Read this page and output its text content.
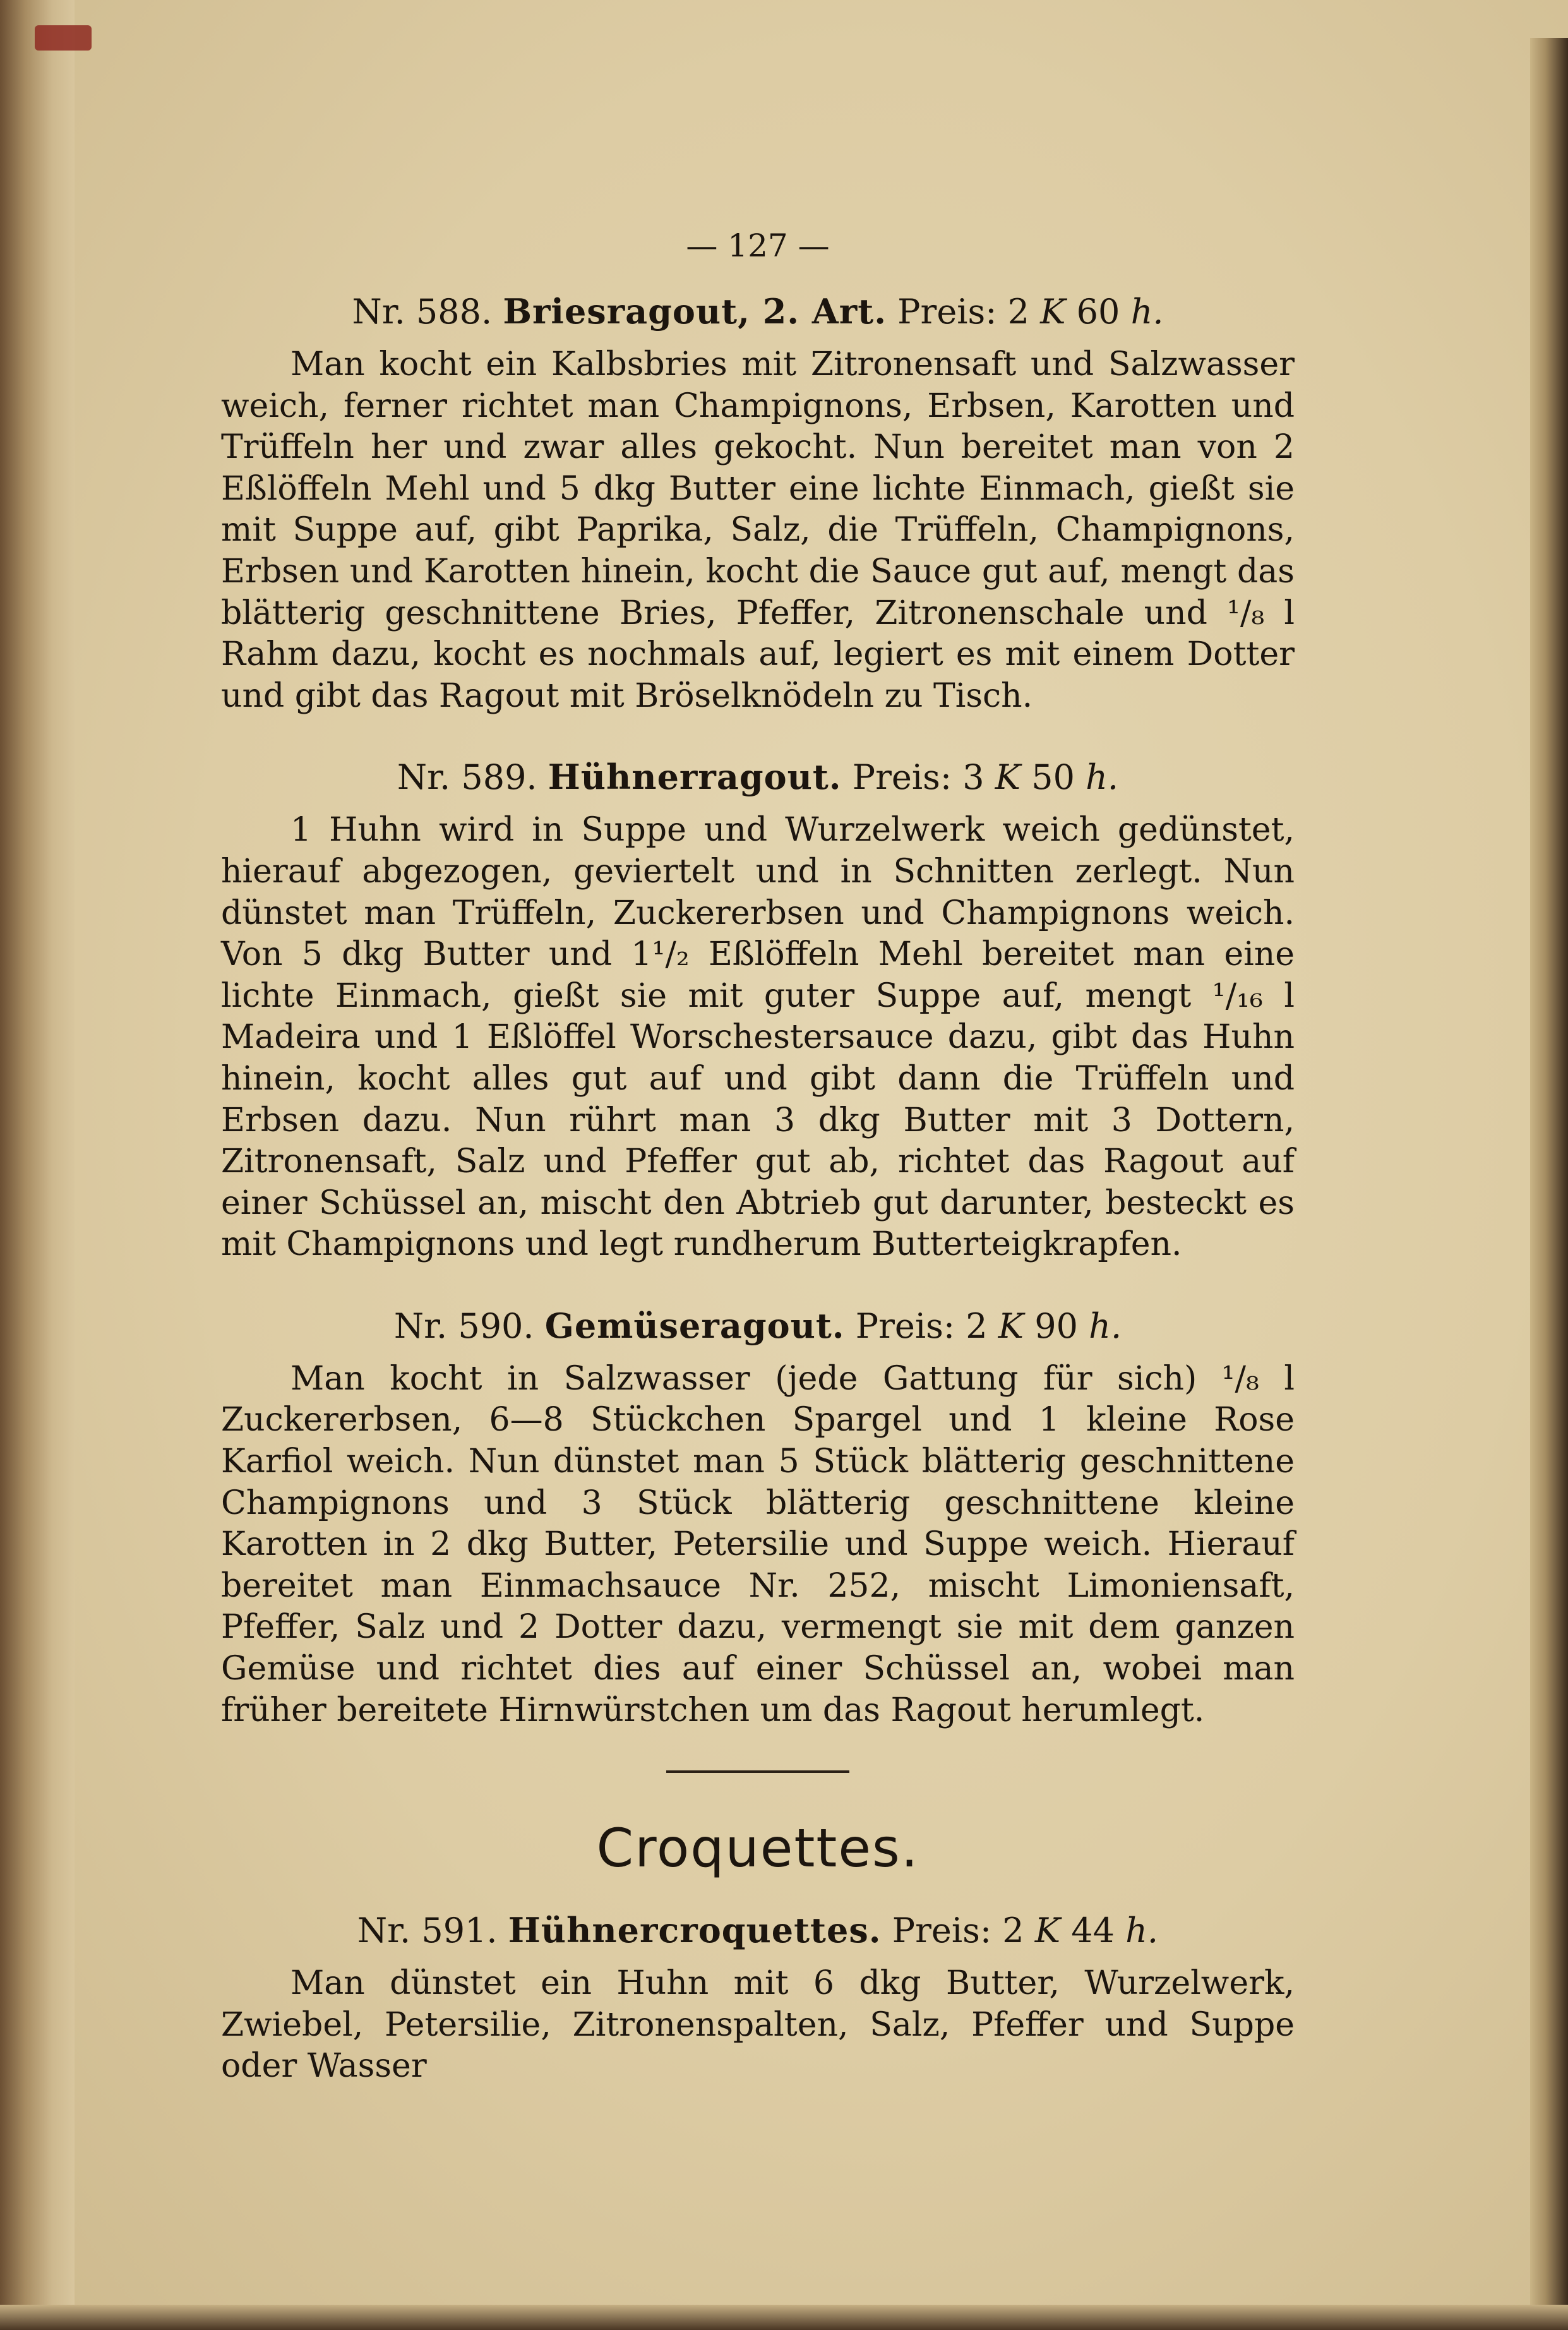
— 127 —
Nr. 588. Briesragout, 2. Art. Preis: 2 K 60 h.

Man kocht ein Kalbsbries mit Zitronensaft und Salzwasser weich, ferner richtet man Champignons, Erbsen, Karotten und Trüffeln her und zwar alles gekocht. Nun bereitet man von 2 Eßlöffeln Mehl und 5 dkg Butter eine lichte Einmach, gießt sie mit Suppe auf, gibt Paprika, Salz, die Trüffeln, Champignons, Erbsen und Karotten hinein, kocht die Sauce gut auf, mengt das blätterig geschnittene Bries, Pfeffer, Zitronenschale und ¹/₈ l Rahm dazu, kocht es nochmals auf, legiert es mit einem Dotter und gibt das Ragout mit Bröselknödeln zu Tisch.

Nr. 589. Hühnerragout. Preis: 3 K 50 h.

1 Huhn wird in Suppe und Wurzelwerk weich gedünstet, hierauf abgezogen, geviertelt und in Schnitten zerlegt. Nun dünstet man Trüffeln, Zuckererbsen und Champignons weich. Von 5 dkg Butter und 1¹/₂ Eßlöffeln Mehl bereitet man eine lichte Einmach, gießt sie mit guter Suppe auf, mengt ¹/₁₆ l Madeira und 1 Eßlöffel Worschestersauce dazu, gibt das Huhn hinein, kocht alles gut auf und gibt dann die Trüffeln und Erbsen dazu. Nun rührt man 3 dkg Butter mit 3 Dottern, Zitronensaft, Salz und Pfeffer gut ab, richtet das Ragout auf einer Schüssel an, mischt den Abtrieb gut darunter, besteckt es mit Champignons und legt rundherum Butterteigkrapfen.

Nr. 590. Gemüseragout. Preis: 2 K 90 h.

Man kocht in Salzwasser (jede Gattung für sich) ¹/₈ l Zuckererbsen, 6—8 Stückchen Spargel und 1 kleine Rose Karfiol weich. Nun dünstet man 5 Stück blätterig geschnittene Champignons und 3 Stück blätterig geschnittene kleine Karotten in 2 dkg Butter, Petersilie und Suppe weich. Hierauf bereitet man Einmachsauce Nr. 252, mischt Limoniensaft, Pfeffer, Salz und 2 Dotter dazu, vermengt sie mit dem ganzen Gemüse und richtet dies auf einer Schüssel an, wobei man früher bereitete Hirnwürstchen um das Ragout herumlegt.

Croquettes.
Nr. 591. Hühnercroquettes. Preis: 2 K 44 h.

Man dünstet ein Huhn mit 6 dkg Butter, Wurzelwerk, Zwiebel, Petersilie, Zitronenspalten, Salz, Pfeffer und Suppe oder Wasser
